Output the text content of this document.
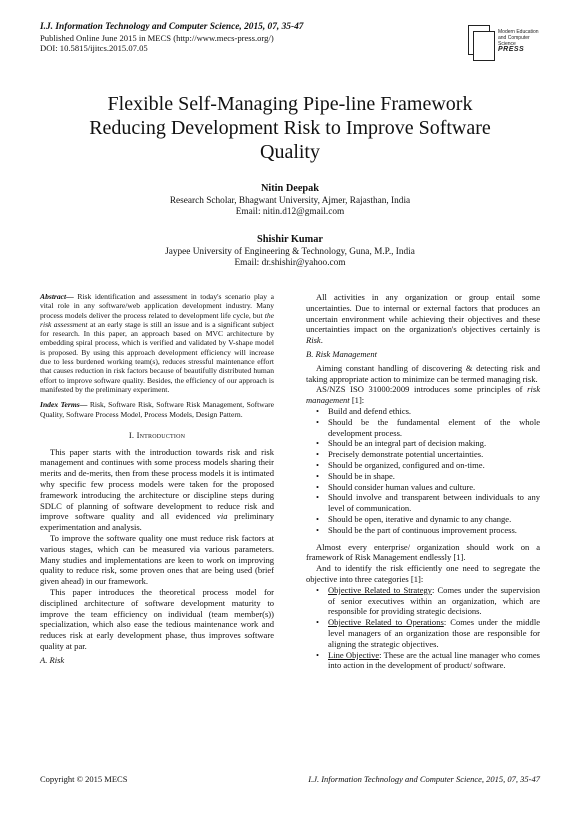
I.J. Information Technology and Computer Science, 2015, 07, 35-47
Published Online June 2015 in MECS (http://www.mecs-press.org/)
DOI: 10.5815/ijitcs.2015.07.05
Modern Education
and Computer Science
PRESS
Flexible Self-Managing Pipe-line Framework
Reducing Development Risk to Improve Software
Quality
Nitin Deepak
Research Scholar, Bhagwant University, Ajmer, Rajasthan, India
Email: nitin.d12@gmail.com
Shishir Kumar
Jaypee University of Engineering & Technology, Guna, M.P., India
Email: dr.shishir@yahoo.com

Abstract— Risk identification and assessment in today's scenario play a vital role in any software/web application development industry. Many process models deliver the process related to development life cycle, but the risk assessment at an early stage is still an issue and is a significant subject for research. In this paper, an approach based on MVC architecture by embedding spiral process, which is verified and validated by V-shape model is proposed. By using this approach development efficiency will increase due to less burdened working team(s), reduces stressful maintenance effort that causes reduction in risk factors because of beautifully distributed human effort to improve software quality. Besides, the efficiency of our approach is manifested by the preliminary experiment.

Index Terms— Risk, Software Risk, Software Risk Management, Software Quality, Software Process Model, Process Models, Design Pattern.

I. Introduction

This paper starts with the introduction towards risk and risk management and continues with some process models sharing their merits and de-merits, then from these process models it is intimated why specific few process models were taken for the proposed framework introducing the architecture or discipline steps during SDLC of planning of software development to reduce risk and improve software quality and all evidenced via preliminary experimentation and analysis.

To improve the software quality one must reduce risk factors at various stages, which can be measured via various parameters. Many studies and implementations are keen to work on improving quality to reduce risk, some proven ones that are being used (brief given ahead) in our framework.

This paper introduces the theoretical process model for disciplined architecture of software development maturity to improve the team efficiency on individual (team member(s)) specialization, which also ease the tedious maintenance work and reduces risk at early development phase, thus improves software quality at par.

A. Risk

All activities in any organization or group entail some uncertainties. Due to internal or external factors that produces an uncertain environment while achieving their objectives and these uncertainties impact on the organization's objectives certainly is Risk.

B. Risk Management

Aiming constant handling of discovering & detecting risk and taking appropriate action to minimize can be termed managing risk.

AS/NZS ISO 31000:2009 introduces some principles of risk management [1]:

• Build and defend ethics.
• Should be the fundamental element of the whole development process.
• Should be an integral part of decision making.
• Precisely demonstrate potential uncertainties.
• Should be organized, configured and on-time.
• Should be in shape.
• Should consider human values and culture.
• Should involve and transparent between individuals to any level of communication.
• Should be open, iterative and dynamic to any change.
• Should be the part of continuous improvement process.

Almost every enterprise/ organization should work on a framework of Risk Management endlessly [1].

And to identify the risk efficiently one need to segregate the objective into three categories [1]:

• Objective Related to Strategy: Comes under the supervision of senior executives within an organization, which are responsible for providing strategic decisions.
• Objective Related to Operations: Comes under the middle level managers of an organization those are responsible for aligning the strategic objectives.
• Line Objective: These are the actual line manager who comes into action in the development of product/ software.
Copyright © 2015 MECS	I.J. Information Technology and Computer Science, 2015, 07, 35-47
